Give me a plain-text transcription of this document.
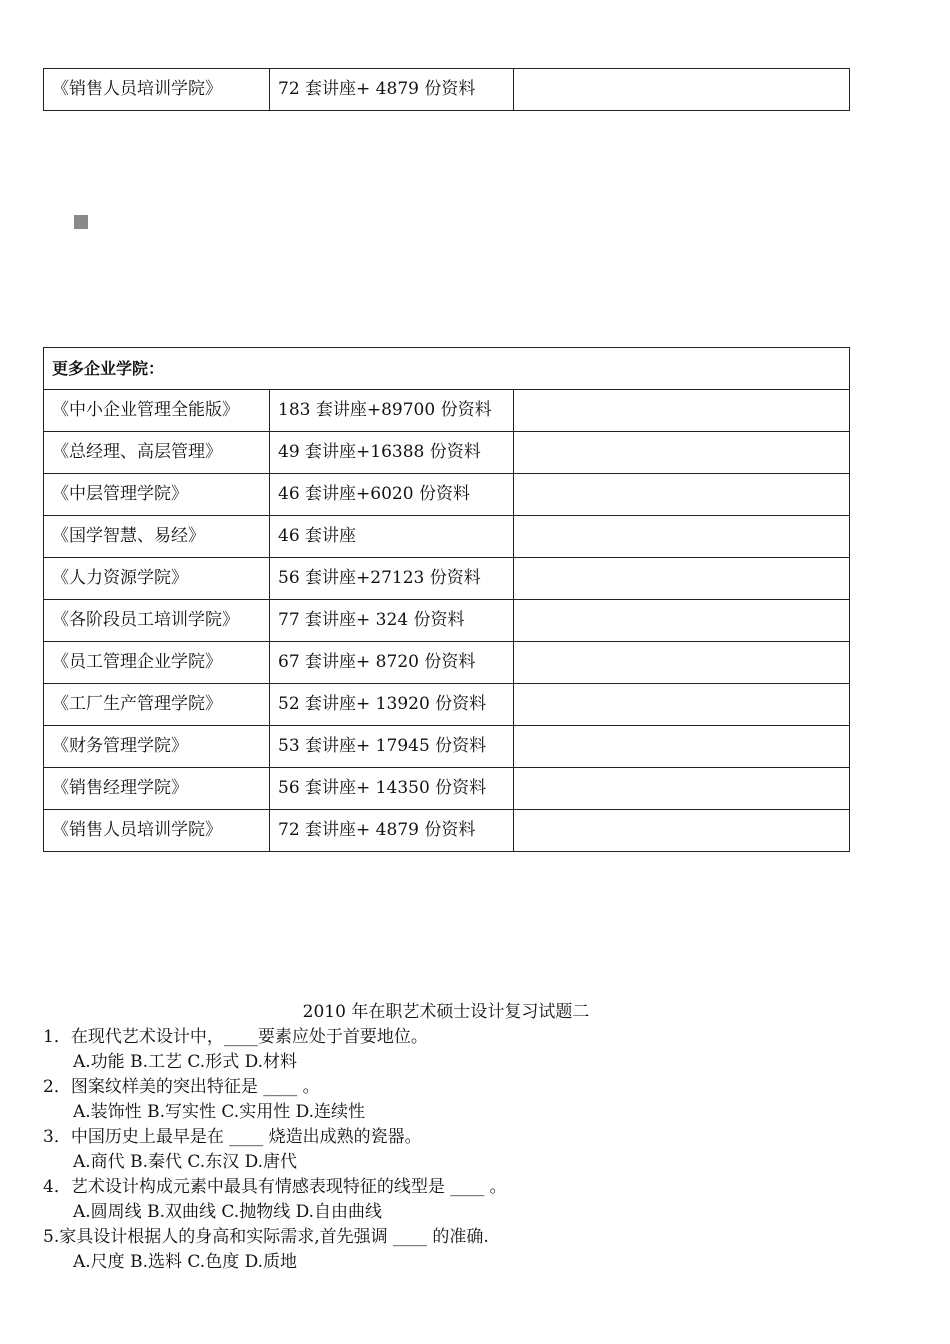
《销售人员培训学院》	72 套讲座+ 4879 份资料	
更多企业学院：		
《中小企业管理全能版》	183 套讲座+89700 份资料	
《总经理、高层管理》	49 套讲座+16388 份资料	
《中层管理学院》	46 套讲座+6020 份资料	
《国学智慧、易经》	46 套讲座	
《人力资源学院》	56 套讲座+27123 份资料	
《各阶段员工培训学院》	77 套讲座+ 324 份资料	
《员工管理企业学院》	67 套讲座+ 8720 份资料	
《工厂生产管理学院》	52 套讲座+ 13920 份资料	
《财务管理学院》	53 套讲座+ 17945 份资料	
《销售经理学院》	56 套讲座+ 14350 份资料	
《销售人员培训学院》	72 套讲座+ 4879 份资料	
2010 年在职艺术硕士设计复习试题二
1．在现代艺术设计中，____要素应处于首要地位。
A.功能 B.工艺 C.形式 D.材料
2．图案纹样美的突出特征是 ____ 。
A.装饰性 B.写实性 C.实用性 D.连续性
3．中国历史上最早是在 ____ 烧造出成熟的瓷器。
A.商代 B.秦代 C.东汉 D.唐代
4．艺术设计构成元素中最具有情感表现特征的线型是 ____ 。
A.圆周线 B.双曲线 C.抛物线 D.自由曲线
5.家具设计根据人的身高和实际需求,首先强调 ____ 的准确.
A.尺度 B.选料 C.色度 D.质地
